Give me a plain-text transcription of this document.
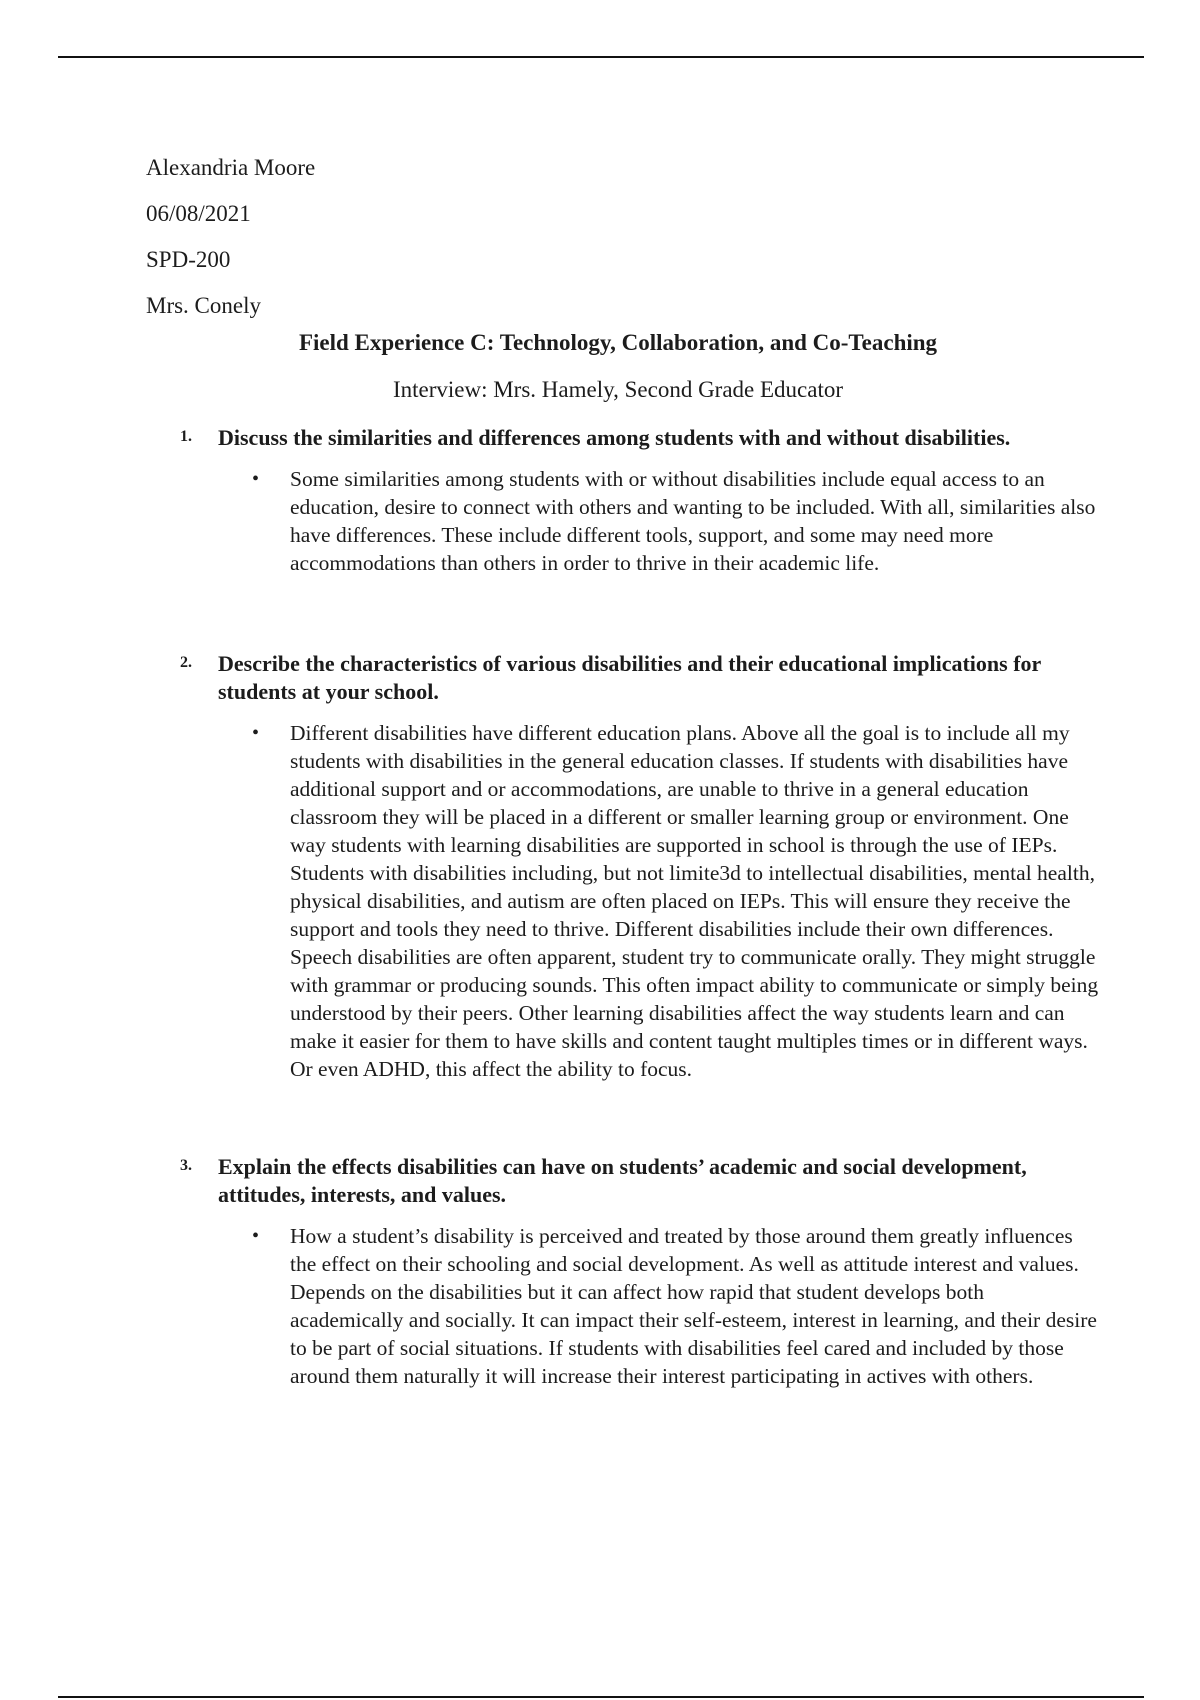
Alexandria Moore
06/08/2021
SPD-200
Mrs. Conely
Field Experience C: Technology, Collaboration, and Co-Teaching
Interview: Mrs. Hamely, Second Grade Educator
1. Discuss the similarities and differences among students with and without disabilities.
• Some similarities among students with or without disabilities include equal access to an education, desire to connect with others and wanting to be included. With all, similarities also have differences. These include different tools, support, and some may need more accommodations than others in order to thrive in their academic life.
2. Describe the characteristics of various disabilities and their educational implications for students at your school.
• Different disabilities have different education plans. Above all the goal is to include all my students with disabilities in the general education classes. If students with disabilities have additional support and or accommodations, are unable to thrive in a general education classroom they will be placed in a different or smaller learning group or environment. One way students with learning disabilities are supported in school is through the use of IEPs. Students with disabilities including, but not limite3d to intellectual disabilities, mental health, physical disabilities, and autism are often placed on IEPs. This will ensure they receive the support and tools they need to thrive. Different disabilities include their own differences. Speech disabilities are often apparent, student try to communicate orally. They might struggle with grammar or producing sounds. This often impact ability to communicate or simply being understood by their peers. Other learning disabilities affect the way students learn and can make it easier for them to have skills and content taught multiples times or in different ways. Or even ADHD, this affect the ability to focus.
3. Explain the effects disabilities can have on students’ academic and social development, attitudes, interests, and values.
• How a student’s disability is perceived and treated by those around them greatly influences the effect on their schooling and social development. As well as attitude interest and values. Depends on the disabilities but it can affect how rapid that student develops both academically and socially. It can impact their self-esteem, interest in learning, and their desire to be part of social situations. If students with disabilities feel cared and included by those around them naturally it will increase their interest participating in actives with others.
